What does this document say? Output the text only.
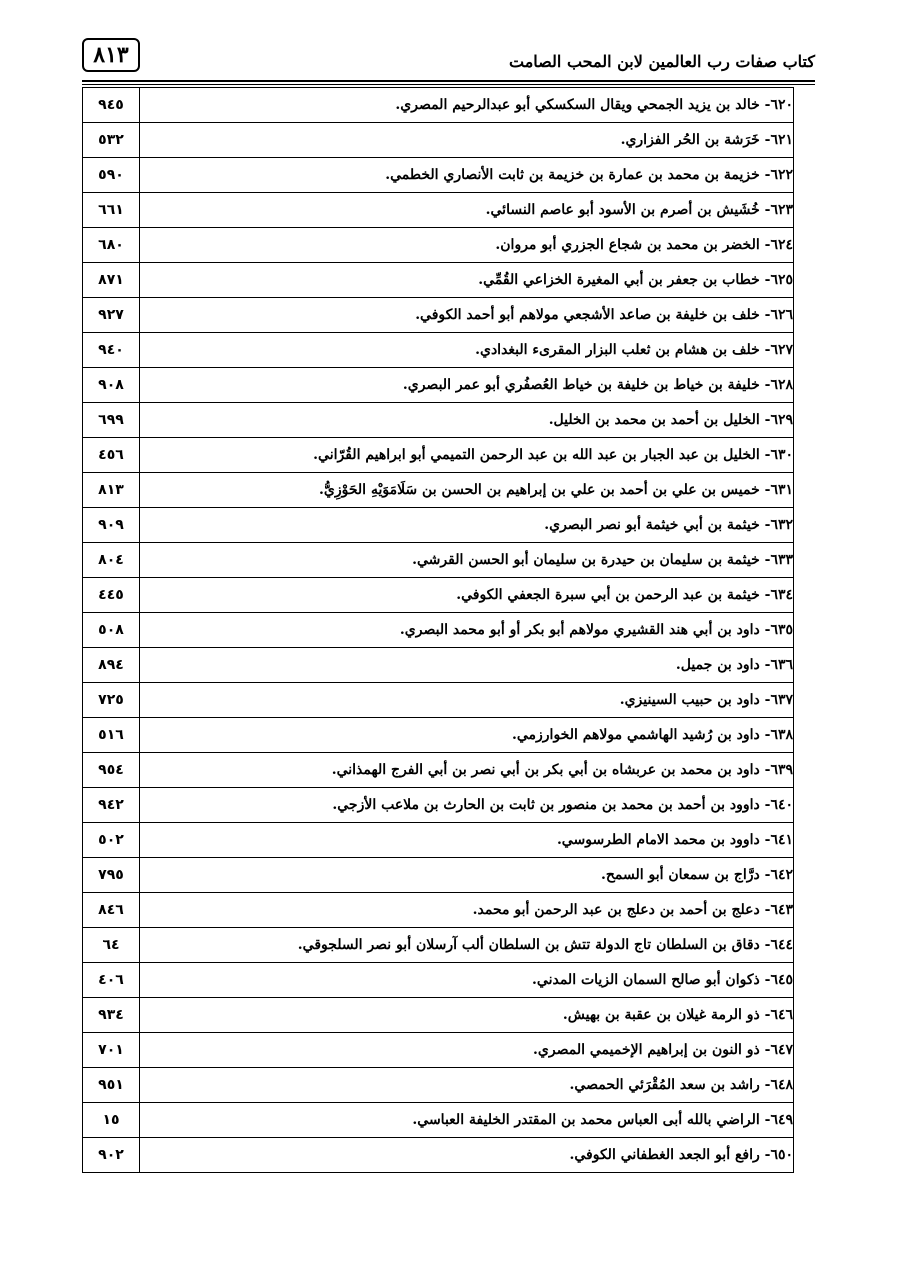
٨١٣	كتاب صفات رب العالمين لابن المحب الصامت
٩٤٥	٦٢٠- خالد بن يزيد الجمحي ويقال السكسكي أبو عبدالرحيم المصري.
٥٣٢	٦٢١- خَرَشة بن الحُر الفزاري.
٥٩٠	٦٢٢- خزيمة بن محمد بن عمارة بن خزيمة بن ثابت الأنصاري الخطمي.
٦٦١	٦٢٣- خُشَيش بن أصرم بن الأسود أبو عاصم النسائي.
٦٨٠	٦٢٤- الخضر بن محمد بن شجاع الجزري أبو مروان.
٨٧١	٦٢٥- خطاب بن جعفر بن أبي المغيرة الخزاعي القُمِّي.
٩٢٧	٦٢٦- خلف بن خليفة بن صاعد الأشجعي مولاهم أبو أحمد الكوفي.
٩٤٠	٦٢٧- خلف بن هشام بن ثعلب البزار المقرىء البغدادي.
٩٠٨	٦٢٨- خليفة بن خياط بن خليفة بن خياط العُصفُري أبو عمر البصري.
٦٩٩	٦٢٩- الخليل بن أحمد بن محمد بن الخليل.
٤٥٦	٦٣٠- الخليل بن عبد الجبار بن عبد الله بن عبد الرحمن التميمي أبو ابراهيم القُرّاني.
٨١٣	٦٣١- خميس بن علي بن أحمد بن علي بن إبراهيم بن الحسن بن سَلَامَوَيْهِ الحَوْزِيُّ.
٩٠٩	٦٣٢- خيثمة بن أبي خيثمة أبو نصر البصري.
٨٠٤	٦٣٣- خيثمة بن سليمان بن حيدرة بن سليمان أبو الحسن القرشي.
٤٤٥	٦٣٤- خيثمة بن عبد الرحمن بن أبي سبرة الجعفي الكوفي.
٥٠٨	٦٣٥- داود بن أبي هند القشيري مولاهم أبو بكر أو أبو محمد البصري.
٨٩٤	٦٣٦- داود بن جميل.
٧٢٥	٦٣٧- داود بن حبيب السينيزي.
٥١٦	٦٣٨- داود بن رُشيد الهاشمي مولاهم الخوارزمي.
٩٥٤	٦٣٩- داود بن محمد بن عربشاه بن أبي بكر بن أبي نصر بن أبي الفرج الهمذاني.
٩٤٢	٦٤٠- داوود بن أحمد بن محمد بن منصور بن ثابت بن الحارث بن ملاعب الأزجي.
٥٠٢	٦٤١- داوود بن محمد الامام الطرسوسي.
٧٩٥	٦٤٢- درَّاج بن سمعان أبو السمح.
٨٤٦	٦٤٣- دعلج بن أحمد بن دعلج بن عبد الرحمن أبو محمد.
٦٤	٦٤٤- دقاق بن السلطان تاج الدولة تتش بن السلطان ألب آرسلان أبو نصر السلجوقي.
٤٠٦	٦٤٥- ذكوان أبو صالح السمان الزيات المدني.
٩٣٤	٦٤٦- ذو الرمة غيلان بن عقبة بن بهيش.
٧٠١	٦٤٧- ذو النون بن إبراهيم الإخميمي المصري.
٩٥١	٦٤٨- راشد بن سعد المُقْرَئي الحمصي.
١٥	٦٤٩- الراضي بالله أبى العباس محمد بن المقتدر الخليفة العباسي.
٩٠٢	٦٥٠- رافع أبو الجعد الغطفاني الكوفي.
